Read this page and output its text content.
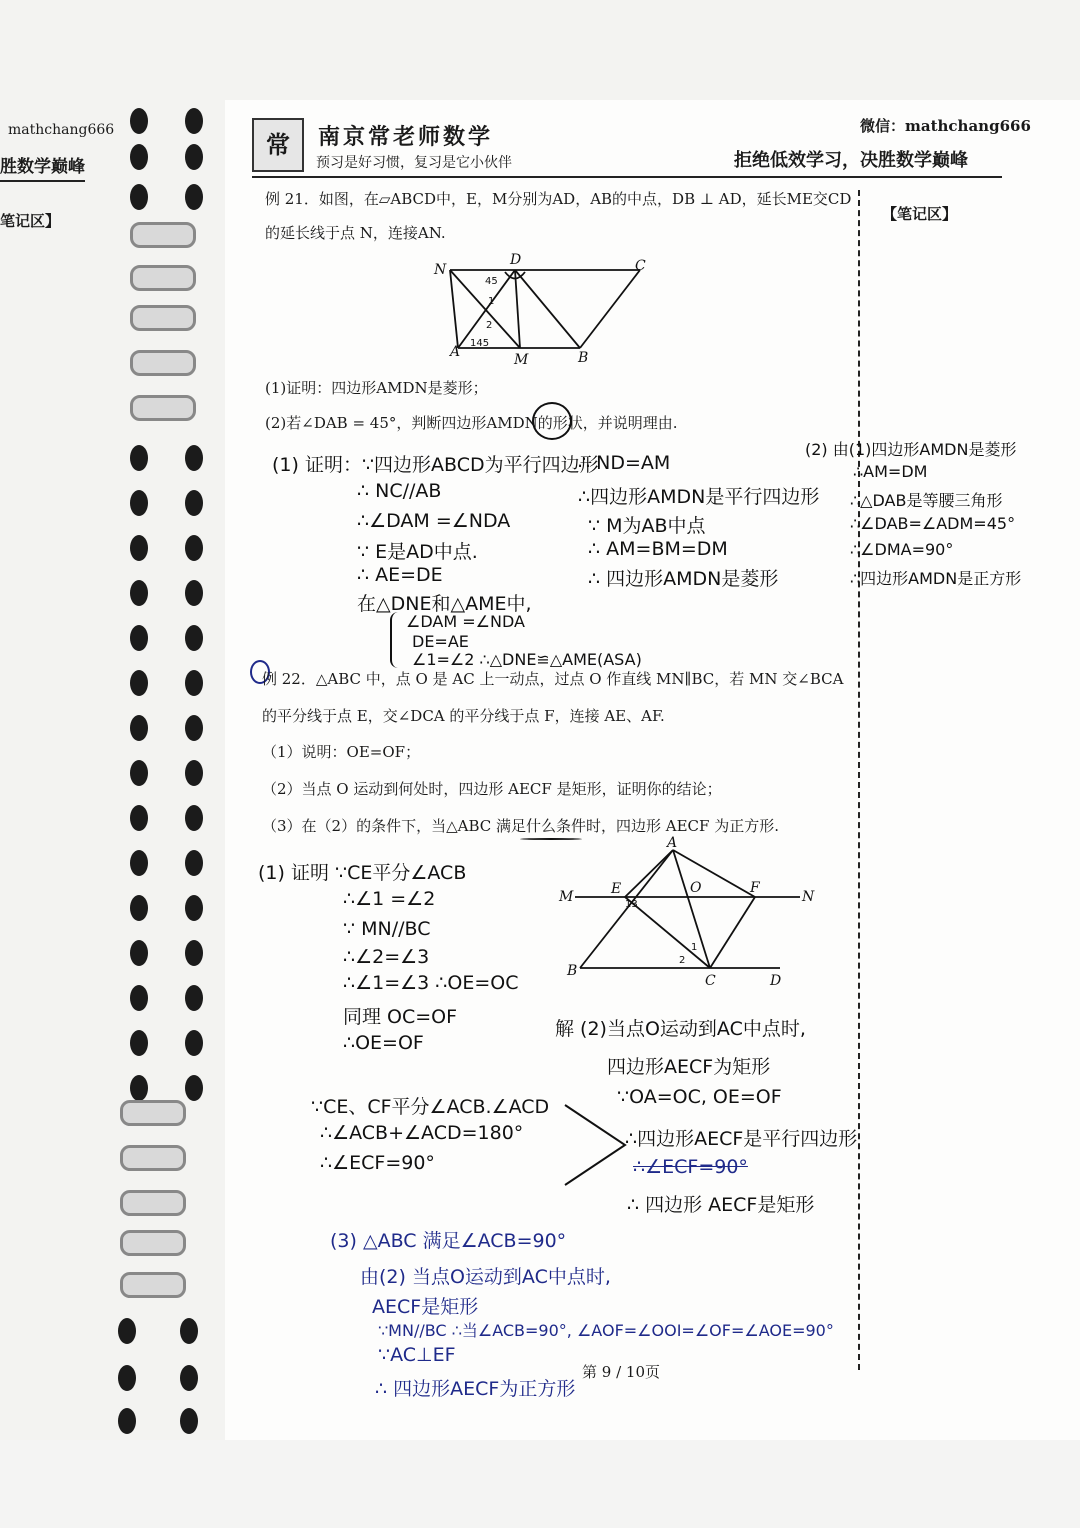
mathchang666
胜数学巅峰
笔记区】
常	南京常老师数学
预习是好习惯，复习是它小伙伴
微信：mathchang666
拒绝低效学习，决胜数学巅峰
【笔记区】
例 21．如图，在▱ABCD中，E，M分别为AD，AB的中点，DB ⊥ AD，延长ME交CD
的延长线于点 N，连接AN.
N
D	C
A	M	B
45
1
2
145
(1)证明：四边形AMDN是菱形；
(2)若∠DAB = 45°，判断四边形AMDN的形状，并说明理由.
(1) 证明：∵四边形ABCD为平行四边形
∴ NC//AB
∴∠DAM =∠NDA
∵ E是AD中点.
∴ AE=DE
在△DNE和△AME中,
∠DAM =∠NDA
DE=AE
∠1=∠2 ∴△DNE≌△AME(ASA)
∴ ND=AM
∴四边形AMDN是平行四边形
∵ M为AB中点
∴ AM=BM=DM
∴ 四边形AMDN是菱形
(2) 由(1)四边形AMDN是菱形
∴AM=DM
∴△DAB是等腰三角形
∴∠DAB=∠ADM=45°
∴∠DMA=90°
∴四边形AMDN是正方形
例 22．△ABC 中，点 O 是 AC 上一动点，过点 O 作直线 MN∥BC，若 MN 交∠BCA
的平分线于点 E，交∠DCA 的平分线于点 F，连接 AE、AF.
（1）说明：OE=OF；
（2）当点 O 运动到何处时，四边形 AECF 是矩形，证明你的结论；
（3）在（2）的条件下，当△ABC 满足什么条件时，四边形 AECF 为正方形.
(1) 证明 ∵CE平分∠ACB
∴∠1 =∠2
∵ MN//BC
∴∠2=∠3
∴∠1=∠3 ∴OE=OC
同理 OC=OF
∴OE=OF
A
M	E	O	F
N
B
C	D
13
1
2
∵CE、CF平分∠ACB.∠ACD
∴∠ACB+∠ACD=180°
∴∠ECF=90°
解 (2)当点O运动到AC中点时,
四边形AECF为矩形
∵OA=OC, OE=OF
∴四边形AECF是平行四边形
∴∠ECF=90°
∴ 四边形 AECF是矩形
(3) △ABC 满足∠ACB=90°
由(2) 当点O运动到AC中点时,
AECF是矩形
∵MN//BC ∴当∠ACB=90°, ∠AOF=∠OOI=∠OF=∠AOE=90°
∵AC⊥EF
∴ 四边形AECF为正方形
第 9 / 10页
